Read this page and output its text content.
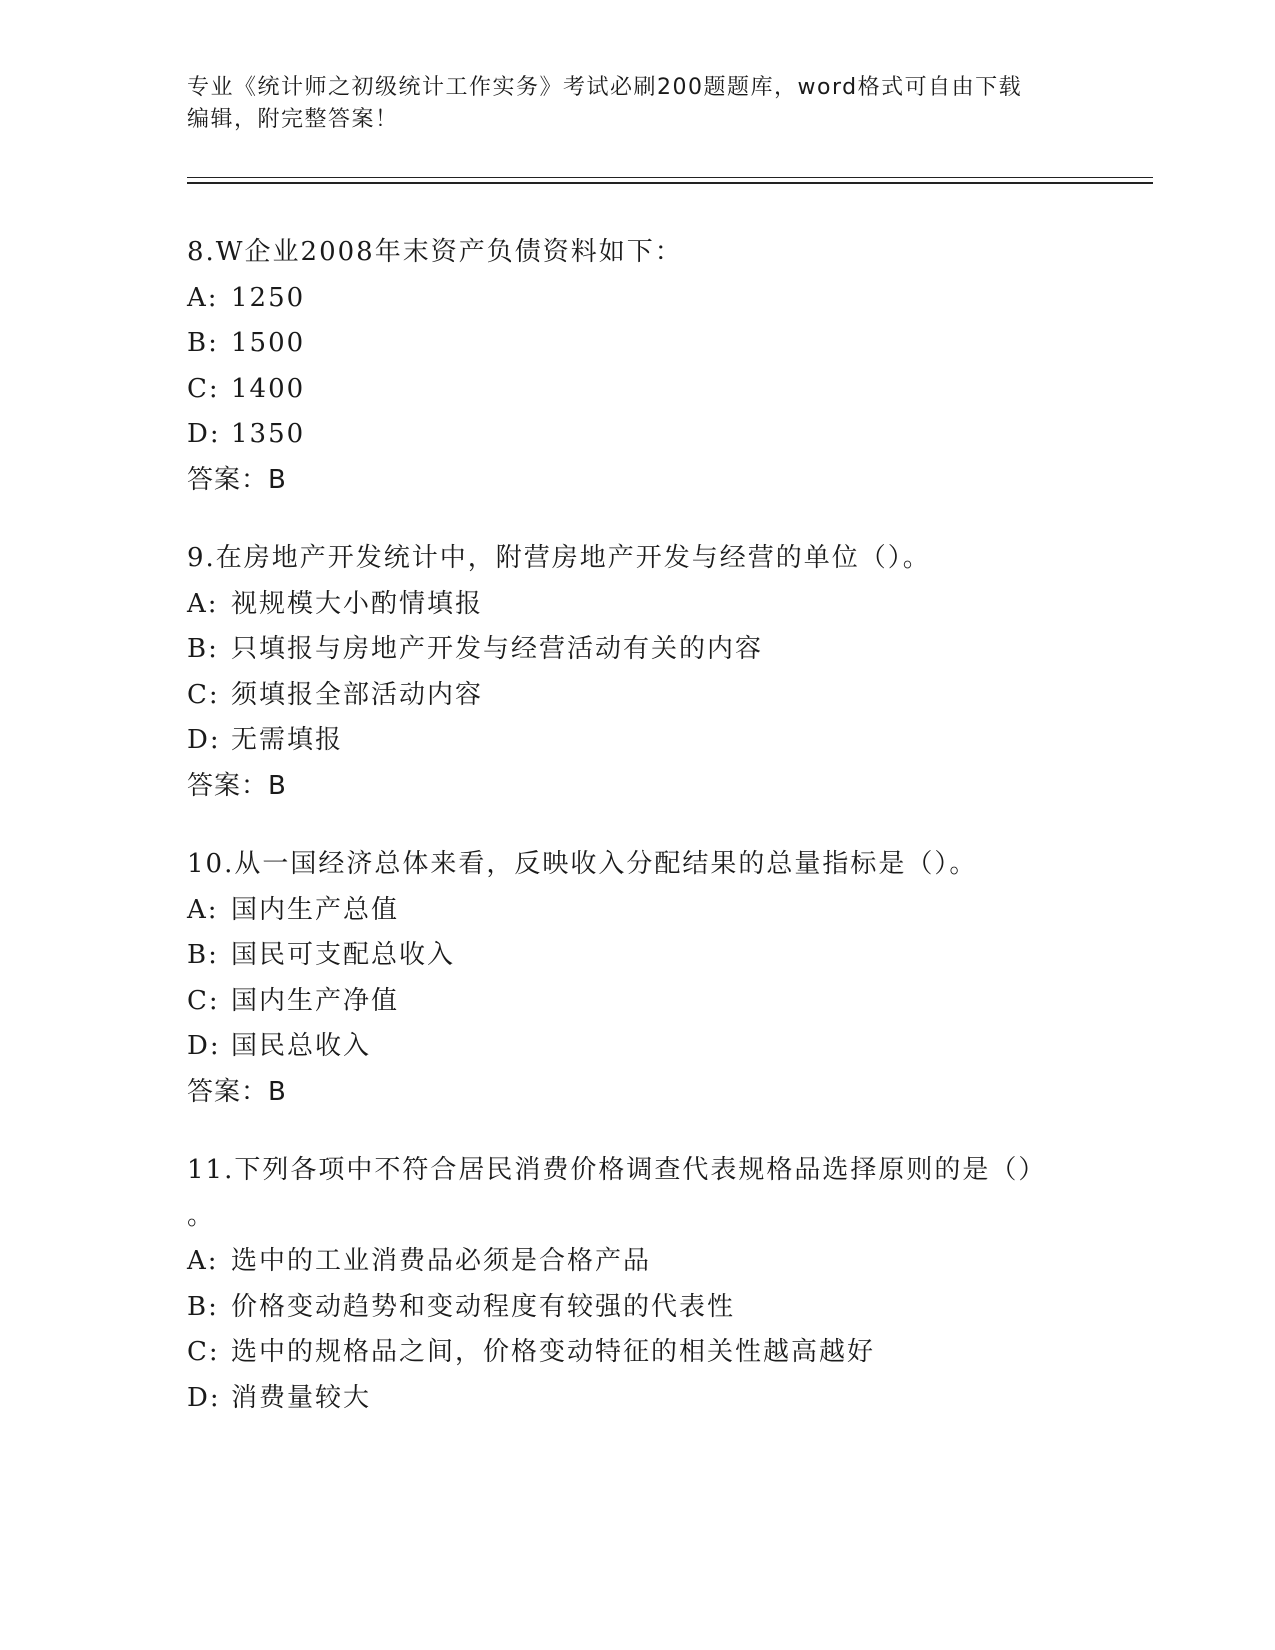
专业《统计师之初级统计工作实务》考试必刷200题题库，word格式可自由下载
编辑，附完整答案！
8.W企业2008年末资产负债资料如下：
A: 1250
B: 1500
C: 1400
D: 1350
答案：B
9.在房地产开发统计中，附营房地产开发与经营的单位（）。
A: 视规模大小酌情填报
B: 只填报与房地产开发与经营活动有关的内容
C: 须填报全部活动内容
D: 无需填报
答案：B
10.从一国经济总体来看，反映收入分配结果的总量指标是（）。
A: 国内生产总值
B: 国民可支配总收入
C: 国内生产净值
D: 国民总收入
答案：B
11.下列各项中不符合居民消费价格调查代表规格品选择原则的是（）
。
A: 选中的工业消费品必须是合格产品
B: 价格变动趋势和变动程度有较强的代表性
C: 选中的规格品之间，价格变动特征的相关性越高越好
D: 消费量较大
